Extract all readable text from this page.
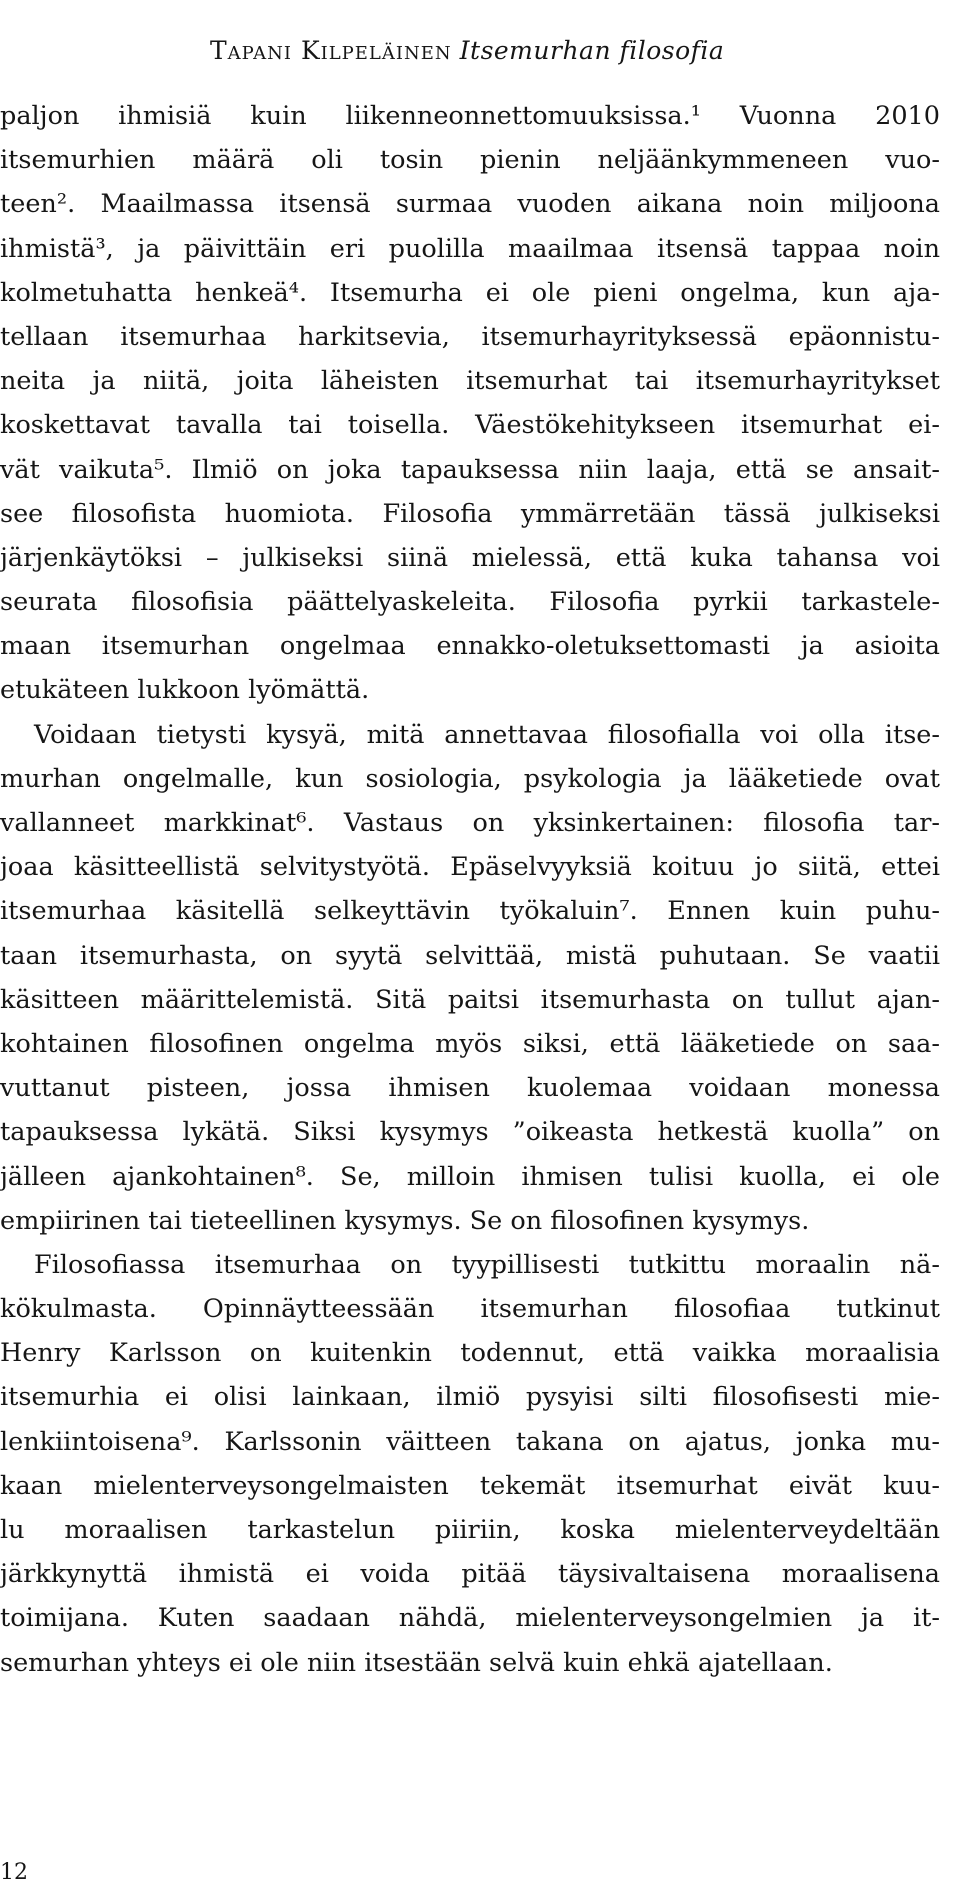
Tapani Kilpeläinen Itsemurhan filosofia
paljon ihmisiä kuin liikenneonnettomuuksissa.¹ Vuonna 2010
itsemurhien määrä oli tosin pienin neljäänkymmeneen vuo-
teen². Maailmassa itsensä surmaa vuoden aikana noin miljoona
ihmistä³, ja päivittäin eri puolilla maailmaa itsensä tappaa noin
kolmetuhatta henkeä⁴. Itsemurha ei ole pieni ongelma, kun aja-
tellaan itsemurhaa harkitsevia, itsemurhayrityksessä epäonnistu-
neita ja niitä, joita läheisten itsemurhat tai itsemurhayritykset
koskettavat tavalla tai toisella. Väestökehitykseen itsemurhat ei-
vät vaikuta⁵. Ilmiö on joka tapauksessa niin laaja, että se ansait-
see filosofista huomiota. Filosofia ymmärretään tässä julkiseksi
järjenkäytöksi – julkiseksi siinä mielessä, että kuka tahansa voi
seurata filosofisia päättelyaskeleita. Filosofia pyrkii tarkastele-
maan itsemurhan ongelmaa ennakko-oletuksettomasti ja asioita
etukäteen lukkoon lyömättä.
Voidaan tietysti kysyä, mitä annettavaa filosofialla voi olla itse-
murhan ongelmalle, kun sosiologia, psykologia ja lääketiede ovat
vallanneet markkinat⁶. Vastaus on yksinkertainen: filosofia tar-
joaa käsitteellistä selvitystyötä. Epäselvyyksiä koituu jo siitä, ettei
itsemurhaa käsitellä selkeyttävin työkaluin⁷. Ennen kuin puhu-
taan itsemurhasta, on syytä selvittää, mistä puhutaan. Se vaatii
käsitteen määrittelemistä. Sitä paitsi itsemurhasta on tullut ajan-
kohtainen filosofinen ongelma myös siksi, että lääketiede on saa-
vuttanut pisteen, jossa ihmisen kuolemaa voidaan monessa
tapauksessa lykätä. Siksi kysymys ”oikeasta hetkestä kuolla” on
jälleen ajankohtainen⁸. Se, milloin ihmisen tulisi kuolla, ei ole
empiirinen tai tieteellinen kysymys. Se on filosofinen kysymys.
Filosofiassa itsemurhaa on tyypillisesti tutkittu moraalin nä-
kökulmasta. Opinnäytteessään itsemurhan filosofiaa tutkinut
Henry Karlsson on kuitenkin todennut, että vaikka moraalisia
itsemurhia ei olisi lainkaan, ilmiö pysyisi silti filosofisesti mie-
lenkiintoisena⁹. Karlssonin väitteen takana on ajatus, jonka mu-
kaan mielenterveysongelmaisten tekemät itsemurhat eivät kuu-
lu moraalisen tarkastelun piiriin, koska mielenterveydeltään
järkkynyttä ihmistä ei voida pitää täysivaltaisena moraalisena
toimijana. Kuten saadaan nähdä, mielenterveysongelmien ja it-
semurhan yhteys ei ole niin itsestään selvä kuin ehkä ajatellaan.
12
